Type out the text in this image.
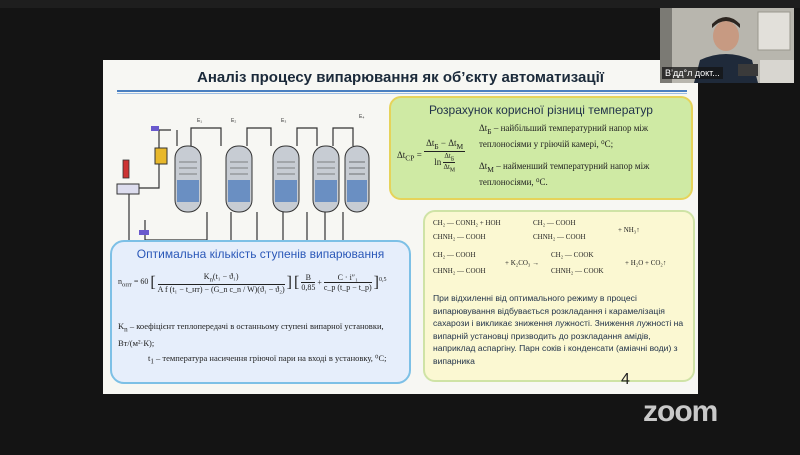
Аналіз процесу випарювання як об’єкту автоматизації
E₁	E₂	E₃
E₄	Розрахунок корисної різниці температур
$\Delta t_{CP}$ =
$\Delta t_Б - \Delta t_М$
ln
$\Delta t_Б$
$\Delta t_М$
$\Delta t_Б$ – найбільший температурний напор між теплоносіями у гріючій камері, ⁰С;
$\Delta t_М$ – найменший температурний напор між теплоносіями, ⁰С.
Оптимальна кількість ступенів випарювання
$n_{опт} = 60$ [	$K_n(t_1 - ϑ_1)$
A f (t₁ − t_нт) − (G_n c_n / W)(ϑ₁ − ϑ₂) ] [ $\frac{B}{0,85} + \frac{\text{C · i″₁}}{c\_p (t\_p - t\_p)} ]^{0,5}$
$K_n$ – коефіцієнт теплопередачі в останньому ступені випарної установки, Вт/(м²·К);
$t_1$ – температура насичення гріючої пари на вході в установку, ⁰С;
CH₂ — CONH₂ + HOH
CHNH₂ — COOH
CH₂ — COOH
CHNH₂ — COOH
+ NH₃↑
CH₂ — COOH
CHNH₂ — COOH
+ K₂CO₃ →
CH₂ — COOK
CHNH₂ — COOK
+ H₂O + CO₂↑
При відхиленні від оптимального режиму в процесі випарювування відбувається розкладання і карамелізація сахарози і викликає зниження лужності. Зниження лужності на випарній установці призводить до розкладання амідів, наприклад аспаргіну. Парн соків і конденсати (аміачні води) з випарника
4
В’дд°л докт...
zoom
